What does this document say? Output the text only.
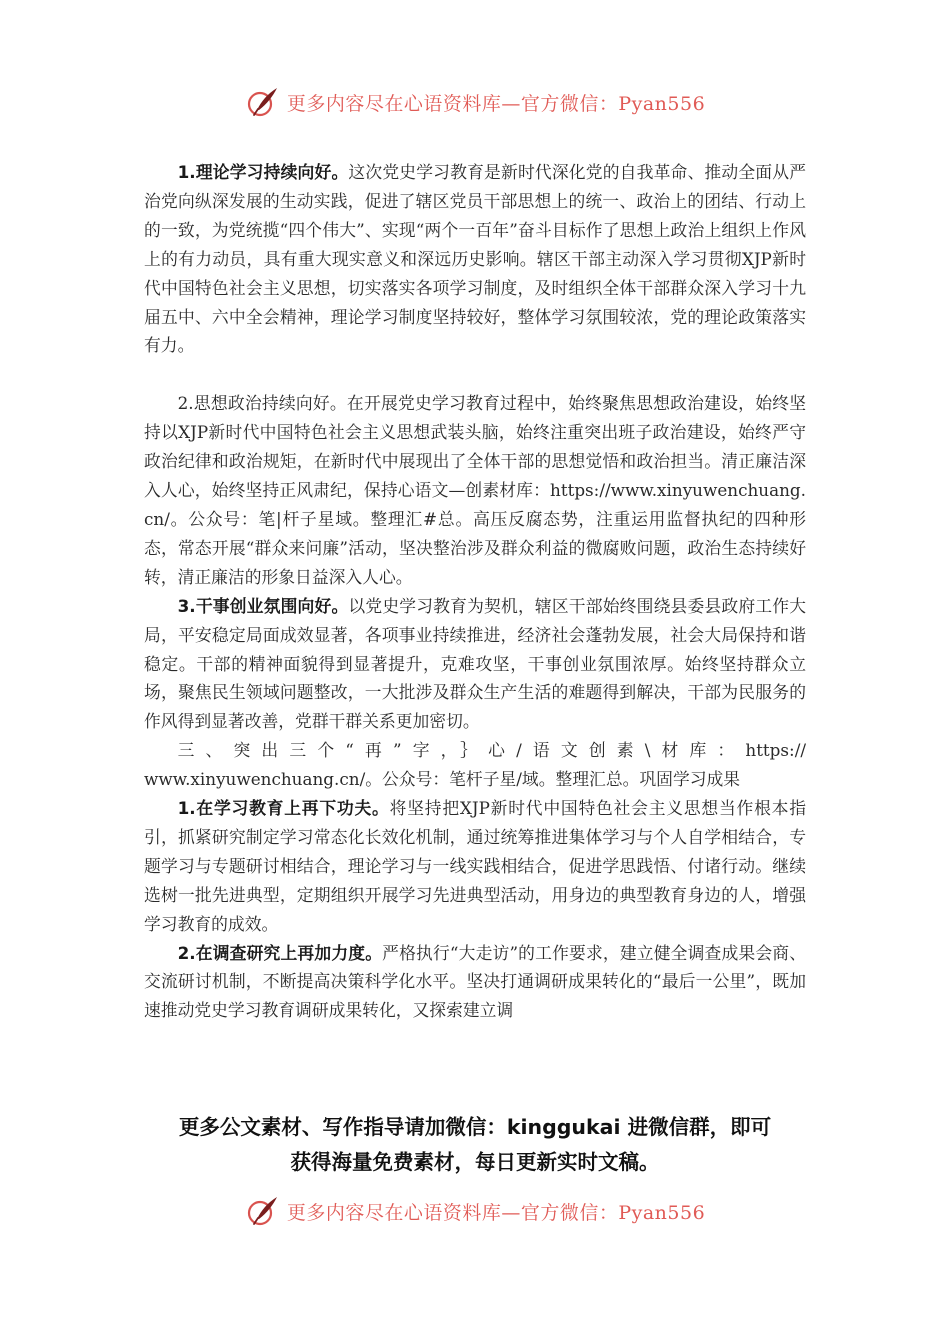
更多内容尽在心语资料库—官方微信：Pyan556

1.理论学习持续向好。这次党史学习教育是新时代深化党的自我革命、推动全面从严治党向纵深发展的生动实践，促进了辖区党员干部思想上的统一、政治上的团结、行动上的一致，为党统揽“四个伟大”、实现“两个一百年”奋斗目标作了思想上政治上组织上作风上的有力动员，具有重大现实意义和深远历史影响。辖区干部主动深入学习贯彻XJP新时代中国特色社会主义思想，切实落实各项学习制度，及时组织全体干部群众深入学习十九届五中、六中全会精神，理论学习制度坚持较好，整体学习氛围较浓，党的理论政策落实有力。

2.思想政治持续向好。在开展党史学习教育过程中，始终聚焦思想政治建设，始终坚持以XJP新时代中国特色社会主义思想武装头脑，始终注重突出班子政治建设，始终严守政治纪律和政治规矩，在新时代中展现出了全体干部的思想觉悟和政治担当。清正廉洁深入人心，始终坚持正风肃纪，保持心语文—创素材库：https://www.xinyuwenchuang.cn/。公众号：笔|杆子星域。整理汇#总。高压反腐态势，注重运用监督执纪的四种形态，常态开展“群众来问廉”活动，坚决整治涉及群众利益的微腐败问题，政治生态持续好转，清正廉洁的形象日益深入人心。

3.干事创业氛围向好。以党史学习教育为契机，辖区干部始终围绕县委县政府工作大局，平安稳定局面成效显著，各项事业持续推进，经济社会蓬勃发展，社会大局保持和谐稳定。干部的精神面貌得到显著提升，克难攻坚，干事创业氛围浓厚。始终坚持群众立场，聚焦民生领域问题整改，一大批涉及群众生产生活的难题得到解决，干部为民服务的作风得到显著改善，党群干群关系更加密切。

三、突出三个“再”字，｝心/语文创素\材库：https://

www.xinyuwenchuang.cn/。公众号：笔杆子星/域。整理汇总。巩固学习成果

1.在学习教育上再下功夫。将坚持把XJP新时代中国特色社会主义思想当作根本指引，抓紧研究制定学习常态化长效化机制，通过统筹推进集体学习与个人自学相结合，专题学习与专题研讨相结合，理论学习与一线实践相结合，促进学思践悟、付诸行动。继续选树一批先进典型，定期组织开展学习先进典型活动，用身边的典型教育身边的人，增强学习教育的成效。

2.在调查研究上再加力度。严格执行“大走访”的工作要求，建立健全调查成果会商、交流研讨机制，不断提高决策科学化水平。坚决打通调研成果转化的“最后一公里”，既加速推动党史学习教育调研成果转化，又探索建立调

更多公文素材、写作指导请加微信：kinggukai 进微信群，即可
获得海量免费素材，每日更新实时文稿。
更多内容尽在心语资料库—官方微信：Pyan556
